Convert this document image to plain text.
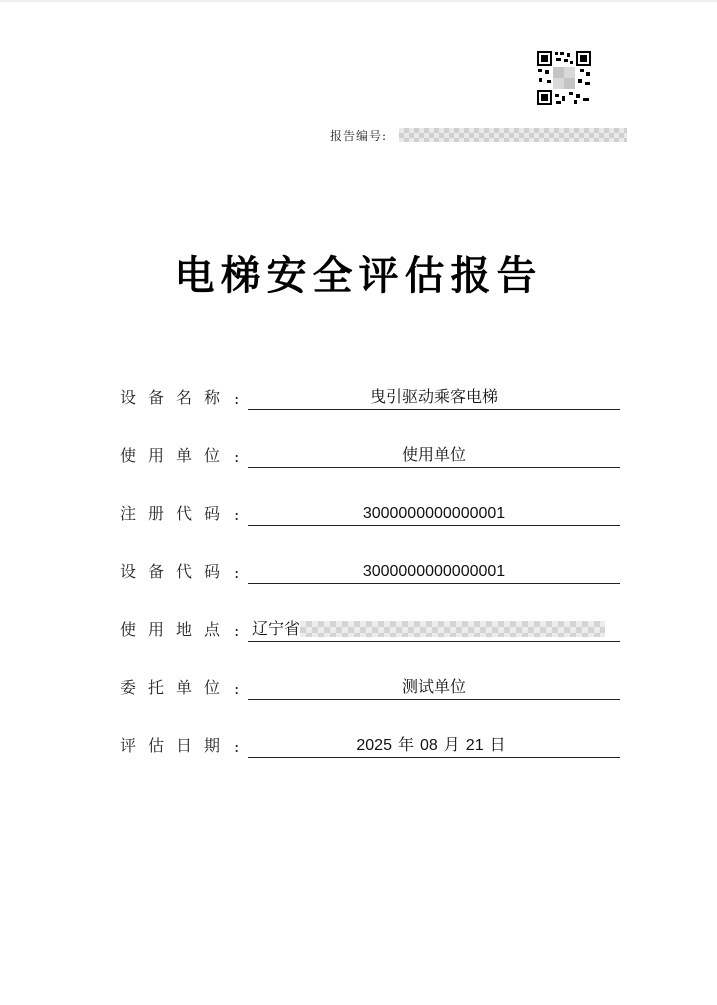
报告编号:
电梯安全评估报告
设备名称 :	曳引驱动乘客电梯
使用单位 :	使用单位
注册代码 :	3000000000000001
设备代码 :	3000000000000001
使用地点 : 辽宁省
委托单位 :	测试单位
评估日期 :	2025 年 08 月 21 日
